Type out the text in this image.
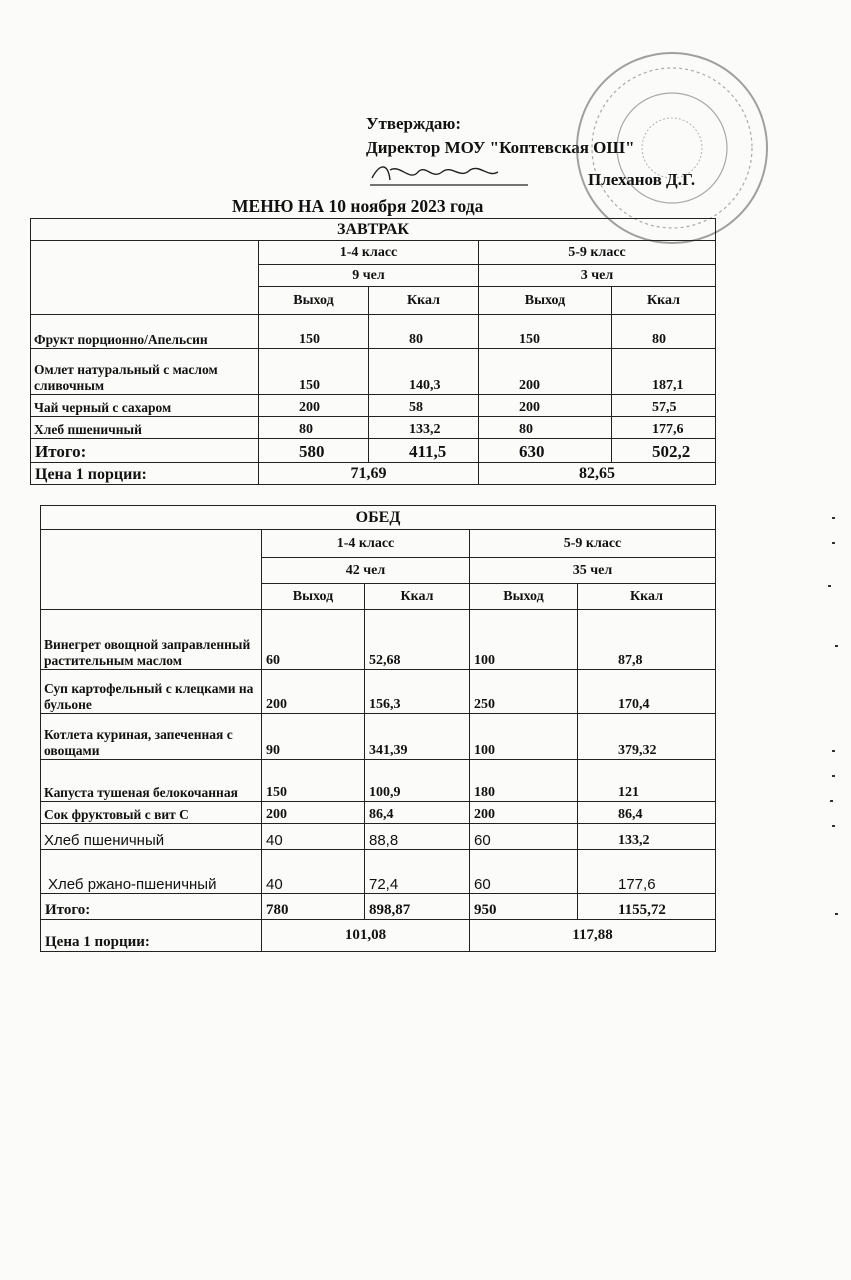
Утверждаю:
Директор МОУ "Коптевская ОШ"
Плеханов Д.Г.
МЕНЮ НА 10 ноября 2023 года
ЗАВТРАК				
	1-4 класс		5-9 класс	
	9 чел		3 чел	
	Выход	Ккал	Выход	Ккал
Фрукт порционно/Апельсин	150	80	150	80
Омлет натуральный с маслом сливочным	150	140,3	200	187,1
Чай черный с сахаром	200	58	200	57,5
Хлеб пшеничный	80	133,2	80	177,6
Итого:	580	411,5	630	502,2
Цена 1 порции:	71,69		82,65	
ОБЕД				
	1-4 класс		5-9 класс	
	42 чел		35 чел	
	Выход	Ккал	Выход	Ккал
Винегрет овощной заправленный растительным маслом	60	52,68	100	87,8
Суп картофельный с клецками на бульоне	200	156,3	250	170,4
Котлета куриная, запеченная с овощами	90	341,39	100	379,32
Капуста тушеная белокочанная	150	100,9	180	121
Сок фруктовый с вит С	200	86,4	200	86,4
Хлеб пшеничный	40	88,8	60	133,2
Хлеб ржано-пшеничный	40	72,4	60	177,6
Итого:	780	898,87	950	1155,72
Цена 1 порции:	101,08		117,88	
